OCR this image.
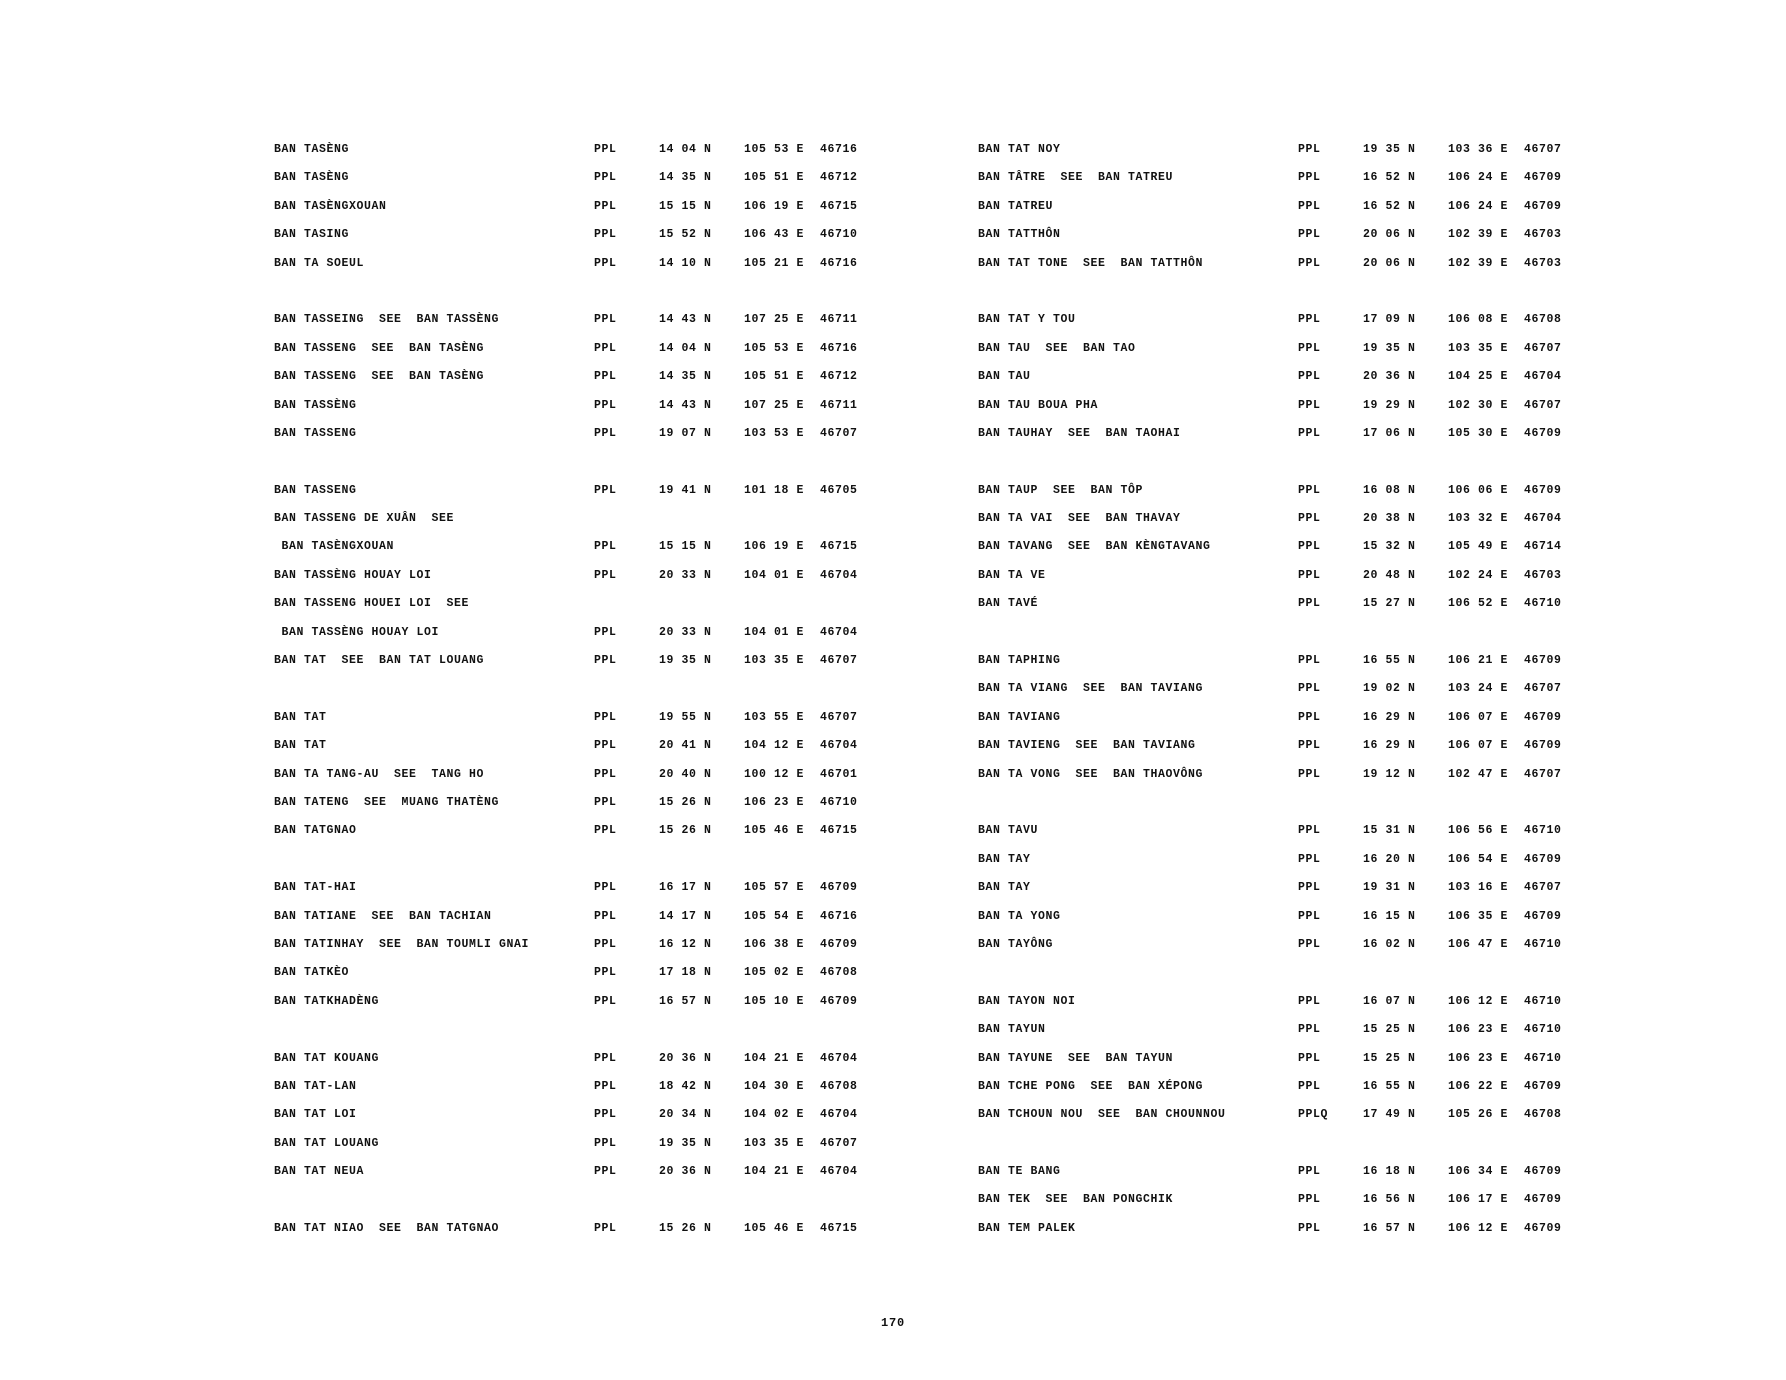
BAN TASÈNG	PPL	14 04 N	105 53 E 46716
BAN TASÈNG	PPL	14 35 N	105 51 E 46712
BAN TASÈNGXOUAN	PPL	15 15 N	106 19 E 46715
BAN TASING	PPL	15 52 N	106 43 E 46710
BAN TA SOEUL	PPL	14 10 N	105 21 E 46716
BAN TASSEING  SEE  BAN TASSÈNG	PPL	14 43 N	107 25 E 46711
BAN TASSENG  SEE  BAN TASÈNG	PPL	14 04 N	105 53 E 46716
BAN TASSENG  SEE  BAN TASÈNG	PPL	14 35 N	105 51 E 46712
BAN TASSÈNG	PPL	14 43 N	107 25 E 46711
BAN TASSENG	PPL	19 07 N	103 53 E 46707
BAN TASSENG	PPL	19 41 N	101 18 E 46705
BAN TASSENG DE XUÂN  SEE
BAN TASÈNGXOUAN	PPL	15 15 N	106 19 E 46715
BAN TASSÈNG HOUAY LOI	PPL	20 33 N	104 01 E 46704
BAN TASSENG HOUEI LOI  SEE
BAN TASSÈNG HOUAY LOI	PPL	20 33 N	104 01 E 46704
BAN TAT  SEE  BAN TAT LOUANG	PPL	19 35 N	103 35 E 46707
BAN TAT	PPL	19 55 N	103 55 E 46707
BAN TAT	PPL	20 41 N	104 12 E 46704
BAN TA TANG-AU  SEE  TANG HO	PPL	20 40 N	100 12 E 46701
BAN TATENG  SEE  MUANG THATÈNG	PPL	15 26 N	106 23 E 46710
BAN TATGNAO	PPL	15 26 N	105 46 E 46715
BAN TAT-HAI	PPL	16 17 N	105 57 E 46709
BAN TATIANE  SEE  BAN TACHIAN	PPL	14 17 N	105 54 E 46716
BAN TATINHAY  SEE  BAN TOUMLI GNAI	PPL	16 12 N	106 38 E 46709
BAN TATKÈO	PPL	17 18 N	105 02 E 46708
BAN TATKHADÈNG	PPL	16 57 N	105 10 E 46709
BAN TAT KOUANG	PPL	20 36 N	104 21 E 46704
BAN TAT-LAN	PPL	18 42 N	104 30 E 46708
BAN TAT LOI	PPL	20 34 N	104 02 E 46704
BAN TAT LOUANG	PPL	19 35 N	103 35 E 46707
BAN TAT NEUA	PPL	20 36 N	104 21 E 46704
BAN TAT NIAO  SEE  BAN TATGNAO	PPL	15 26 N	105 46 E 46715
BAN TAT NOY	PPL	19 35 N	103 36 E 46707
BAN TÂTRE  SEE  BAN TATREU	PPL	16 52 N	106 24 E 46709
BAN TATREU	PPL	16 52 N	106 24 E 46709
BAN TATTHÔN	PPL	20 06 N	102 39 E 46703
BAN TAT TONE  SEE  BAN TATTHÔN	PPL	20 06 N	102 39 E 46703
BAN TAT Y TOU	PPL	17 09 N	106 08 E 46708
BAN TAU  SEE  BAN TAO	PPL	19 35 N	103 35 E 46707
BAN TAU	PPL	20 36 N	104 25 E 46704
BAN TAU BOUA PHA	PPL	19 29 N	102 30 E 46707
BAN TAUHAY  SEE  BAN TAOHAI	PPL	17 06 N	105 30 E 46709
BAN TAUP  SEE  BAN TÔP	PPL	16 08 N	106 06 E 46709
BAN TA VAI  SEE  BAN THAVAY	PPL	20 38 N	103 32 E 46704
BAN TAVANG  SEE  BAN KÈNGTAVANG	PPL	15 32 N	105 49 E 46714
BAN TA VE	PPL	20 48 N	102 24 E 46703
BAN TAVÉ	PPL	15 27 N	106 52 E 46710
BAN TAPHING	PPL	16 55 N	106 21 E 46709
BAN TA VIANG  SEE  BAN TAVIANG	PPL	19 02 N	103 24 E 46707
BAN TAVIANG	PPL	16 29 N	106 07 E 46709
BAN TAVIENG  SEE  BAN TAVIANG	PPL	16 29 N	106 07 E 46709
BAN TA VONG  SEE  BAN THAOVÔNG	PPL	19 12 N	102 47 E 46707
BAN TAVU	PPL	15 31 N	106 56 E 46710
BAN TAY	PPL	16 20 N	106 54 E 46709
BAN TAY	PPL	19 31 N	103 16 E 46707
BAN TA YONG	PPL	16 15 N	106 35 E 46709
BAN TAYÔNG	PPL	16 02 N	106 47 E 46710
BAN TAYON NOI	PPL	16 07 N	106 12 E 46710
BAN TAYUN	PPL	15 25 N	106 23 E 46710
BAN TAYUNE  SEE  BAN TAYUN	PPL	15 25 N	106 23 E 46710
BAN TCHE PONG  SEE  BAN XÉPONG	PPL	16 55 N	106 22 E 46709
BAN TCHOUN NOU  SEE  BAN CHOUNNOU	PPLQ	17 49 N	105 26 E 46708
BAN TE BANG	PPL	16 18 N	106 34 E 46709
BAN TEK  SEE  BAN PONGCHIK	PPL	16 56 N	106 17 E 46709
BAN TEM PALEK	PPL	16 57 N	106 12 E 46709
170
